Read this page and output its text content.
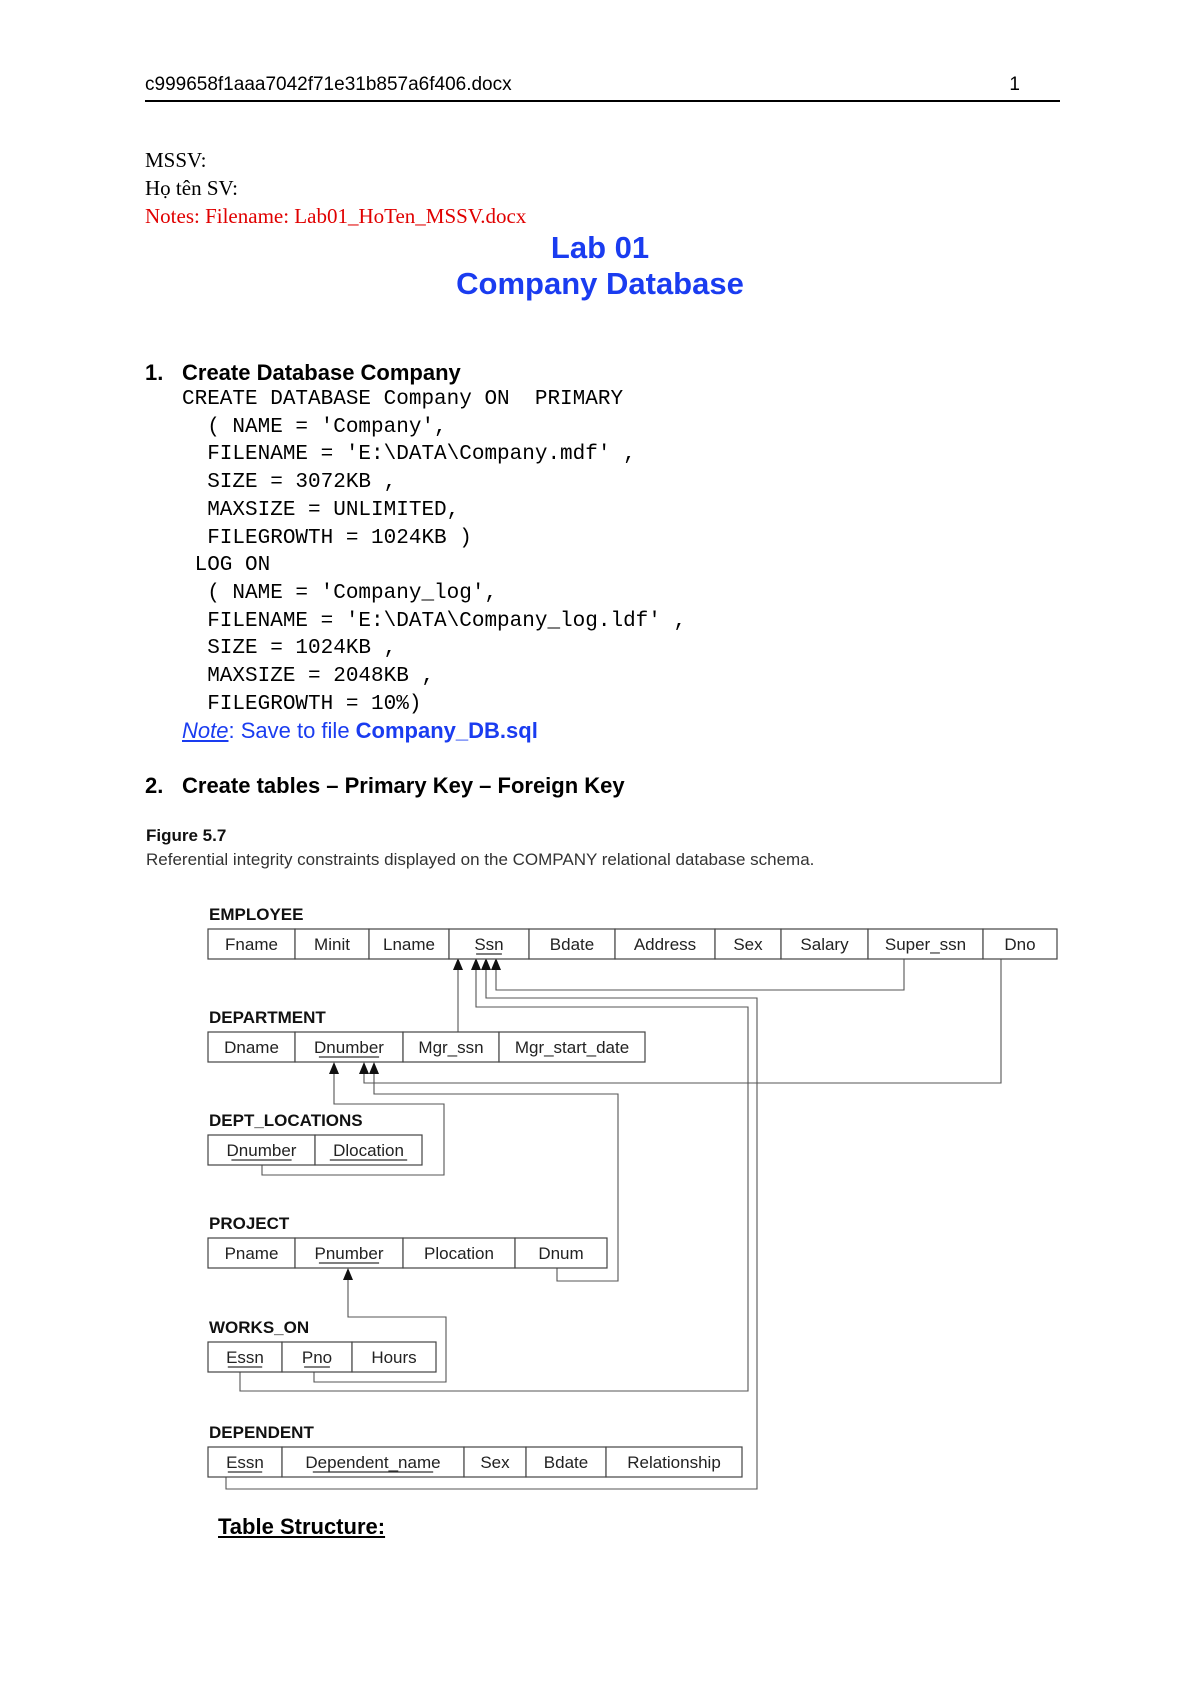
c999658f1aaa7042f71e31b857a6f406.docx	1
MSSV:
Họ tên SV:
Notes: Filename: Lab01_HoTen_MSSV.docx
Lab 01
Company Database
1. Create Database Company
CREATE DATABASE Company ON  PRIMARY
( NAME = 'Company',
FILENAME = 'E:\DATA\Company.mdf' ,
SIZE = 3072KB ,
MAXSIZE = UNLIMITED,
FILEGROWTH = 1024KB )
LOG ON
( NAME = 'Company_log',
FILENAME = 'E:\DATA\Company_log.ldf' ,
SIZE = 1024KB ,
MAXSIZE = 2048KB ,
FILEGROWTH = 10%)
Note: Save to file Company_DB.sql
2. Create tables – Primary Key – Foreign Key
Figure 5.7
Referential integrity constraints displayed on the COMPANY relational database schema.
EMPLOYEE
Fname Minit Lname Ssn	Bdate Address Sex Salary Super_ssn Dno
DEPARTMENT
Dname Dnumber Mgr_ssn Mgr_start_date
DEPT_LOCATIONS
Dnumber Dlocation
PROJECT
Pname Pnumber Plocation	Dnum
WORKS_ON
Essn Pno Hours
DEPENDENT
Essn Dependent_name Sex Bdate Relationship
Table Structure:
